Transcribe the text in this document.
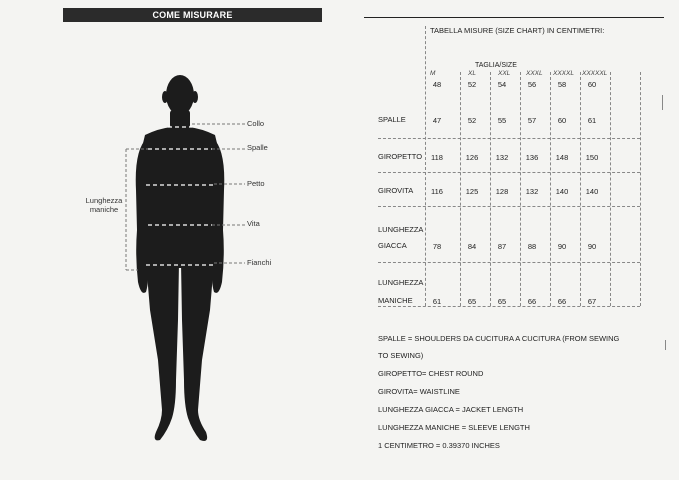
COME MISURARE
Collo
Spalle
Petto
Vita
Fianchi
Lunghezza
maniche
TABELLA MISURE (SIZE CHART) IN CENTIMETRI:
TAGLIA/SIZE
M	XL	XXL XXXL XXXXL XXXXXL
48	52	54	56	58	60
SPALLE	47	52	55	57	60	61
GIROPETTO	118	126	132	136	148	150
GIROVITA	116	125	128	132	140	140
LUNGHEZZA
GIACCA	78	84	87	88	90	90
LUNGHEZZA
MANICHE	61	65	65	66	66	67
SPALLE = SHOULDERS DA CUCITURA A CUCITURA (FROM SEWING
TO SEWING)
GIROPETTO= CHEST ROUND
GIROVITA= WAISTLINE
LUNGHEZZA GIACCA = JACKET LENGTH
LUNGHEZZA MANICHE = SLEEVE LENGTH
1 CENTIMETRO = 0.39370 INCHES
